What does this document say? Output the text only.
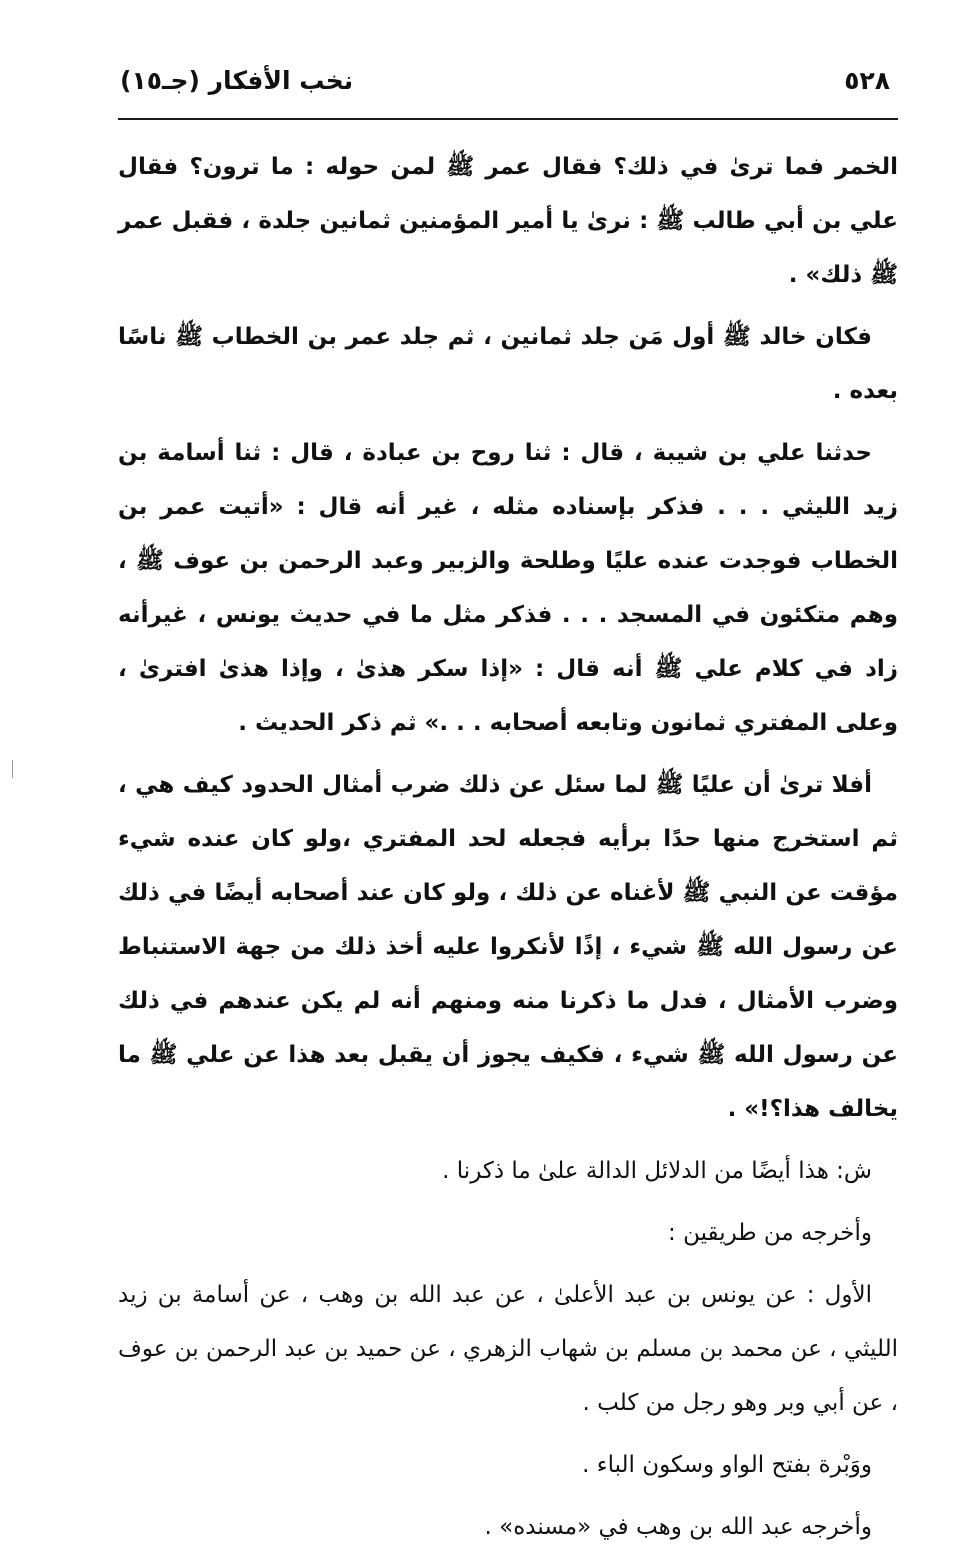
٥٢٨
نخب الأفكار (جـ١٥)

الخمر فما ترىٰ في ذلك؟ فقال عمر ﷺ لمن حوله : ما ترون؟ فقال علي بن أبي طالب ﷺ : نرىٰ يا أمير المؤمنين ثمانين جلدة ، فقبل عمر ﷺ ذلك» .

فكان خالد ﷺ أول مَن جلد ثمانين ، ثم جلد عمر بن الخطاب ﷺ ناسًا بعده .

حدثنا علي بن شيبة ، قال : ثنا روح بن عبادة ، قال : ثنا أسامة بن زيد الليثي . . . فذكر بإسناده مثله ، غير أنه قال : «أتيت عمر بن الخطاب فوجدت عنده عليًا وطلحة والزبير وعبد الرحمن بن عوف ﷺ ، وهم متكئون في المسجد . . . فذكر مثل ما في حديث يونس ، غيرأنه زاد في كلام علي ﷺ أنه قال : «إذا سكر هذىٰ ، وإذا هذىٰ افترىٰ ، وعلى المفتري ثمانون وتابعه أصحابه . . .» ثم ذكر الحديث .

أفلا ترىٰ أن عليًا ﷺ لما سئل عن ذلك ضرب أمثال الحدود كيف هي ، ثم استخرج منها حدًا برأيه فجعله لحد المفتري ،ولو كان عنده شيء مؤقت عن النبي ﷺ لأغناه عن ذلك ، ولو كان عند أصحابه أيضًا في ذلك عن رسول الله ﷺ شيء ، إذًا لأنكروا عليه أخذ ذلك من جهة الاستنباط وضرب الأمثال ، فدل ما ذكرنا منه ومنهم أنه لم يكن عندهم في ذلك عن رسول الله ﷺ شيء ، فكيف يجوز أن يقبل بعد هذا عن علي ﷺ ما يخالف هذا؟!» .

ش: هذا أيضًا من الدلائل الدالة علىٰ ما ذكرنا .

وأخرجه من طريقين :

الأول : عن يونس بن عبد الأعلىٰ ، عن عبد الله بن وهب ، عن أسامة بن زيد الليثي ، عن محمد بن مسلم بن شهاب الزهري ، عن حميد بن عبد الرحمن بن عوف ، عن أبي وبر وهو رجل من كلب .

ووَبْرة بفتح الواو وسكون الباء .

وأخرجه عبد الله بن وهب في «مسنده» .
